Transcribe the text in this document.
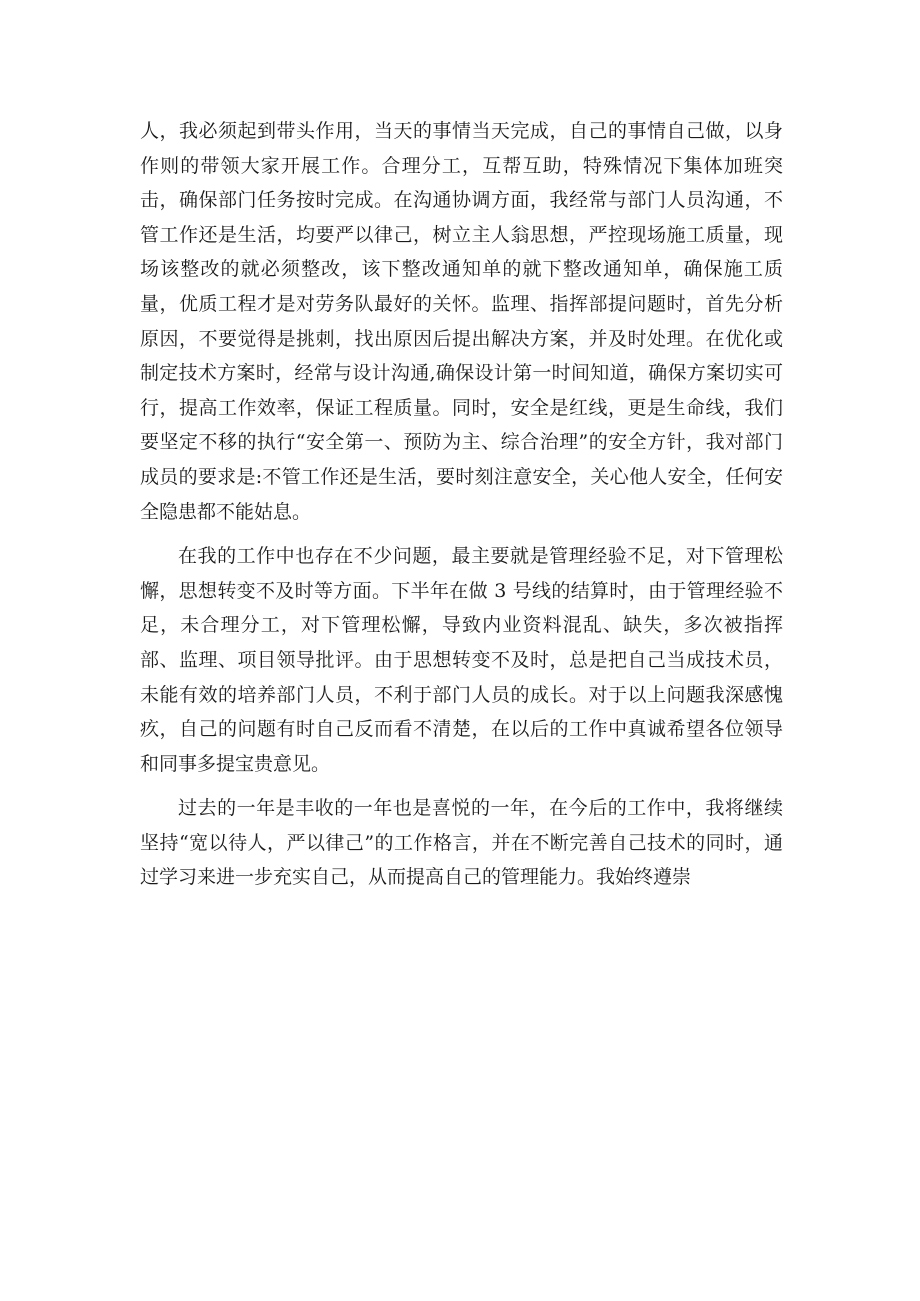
人，我必须起到带头作用，当天的事情当天完成，自己的事情自己做，以身作则的带领大家开展工作。合理分工，互帮互助，特殊情况下集体加班突击，确保部门任务按时完成。在沟通协调方面，我经常与部门人员沟通，不管工作还是生活，均要严以律己，树立主人翁思想，严控现场施工质量，现场该整改的就必须整改，该下整改通知单的就下整改通知单，确保施工质量，优质工程才是对劳务队最好的关怀。监理、指挥部提问题时，首先分析原因，不要觉得是挑刺，找出原因后提出解决方案，并及时处理。在优化或制定技术方案时，经常与设计沟通,确保设计第一时间知道，确保方案切实可行，提高工作效率，保证工程质量。同时，安全是红线，更是生命线，我们要坚定不移的执行“安全第一、预防为主、综合治理”的安全方针，我对部门成员的要求是:不管工作还是生活，要时刻注意安全，关心他人安全，任何安全隐患都不能姑息。

在我的工作中也存在不少问题，最主要就是管理经验不足，对下管理松懈，思想转变不及时等方面。下半年在做 3 号线的结算时，由于管理经验不足，未合理分工，对下管理松懈，导致内业资料混乱、缺失，多次被指挥部、监理、项目领导批评。由于思想转变不及时，总是把自己当成技术员，未能有效的培养部门人员，不利于部门人员的成长。对于以上问题我深感愧疚，自己的问题有时自己反而看不清楚，在以后的工作中真诚希望各位领导和同事多提宝贵意见。

过去的一年是丰收的一年也是喜悦的一年，在今后的工作中，我将继续坚持“宽以待人，严以律己”的工作格言，并在不断完善自己技术的同时，通过学习来进一步充实自己，从而提高自己的管理能力。我始终遵崇
